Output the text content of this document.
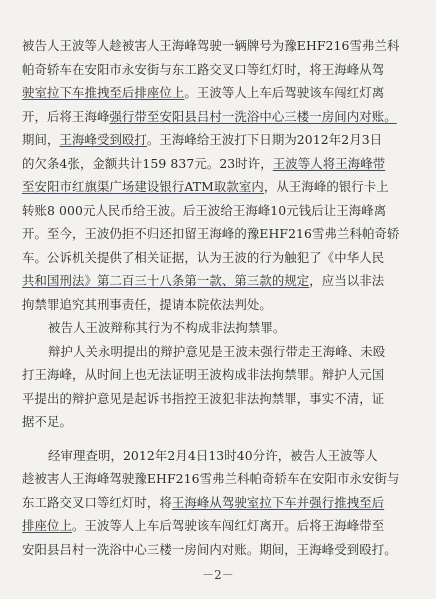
被告人王波等人趁被害人王海峰驾驶一辆牌号为豫EHF216雪弗兰科
帕奇轿车在安阳市永安街与东工路交叉口等红灯时，将王海峰从驾
驶室拉下车推拽至后排座位上。王波等人上车后驾驶该车闯红灯离
开，后将王海峰强行带至安阳县吕村一洗浴中心三楼一房间内对账。
期间，王海峰受到殴打。王海峰给王波打下日期为2012年2月3日
的欠条4张，金额共计159 837元。23时许，王波等人将王海峰带
至安阳市红旗渠广场建设银行ATM取款室内，从王海峰的银行卡上
转账8 000元人民币给王波。后王波给王海峰10元钱后让王海峰离
开。至今，王波仍拒不归还扣留王海峰的豫EHF216雪弗兰科帕奇轿
车。公诉机关提供了相关证据，认为王波的行为触犯了《中华人民
共和国刑法》第二百三十八条第一款、第三款的规定，应当以非法
拘禁罪追究其刑事责任，提请本院依法判处。
被告人王波辩称其行为不构成非法拘禁罪。
辩护人关永明提出的辩护意见是王波未强行带走王海峰、未殴
打王海峰，从时间上也无法证明王波构成非法拘禁罪。辩护人元国
平提出的辩护意见是起诉书指控王波犯非法拘禁罪，事实不清，证
据不足。
经审理查明，2012年2月4日13时40分许，被告人王波等人
趁被害人王海峰驾驶豫EHF216雪弗兰科帕奇轿车在安阳市永安街与
东工路交叉口等红灯时，将王海峰从驾驶室拉下车并强行推拽至后
排座位上。王波等人上车后驾驶该车闯红灯离开。后将王海峰带至
安阳县吕村一洗浴中心三楼一房间内对账。期间，王海峰受到殴打。
－2－
